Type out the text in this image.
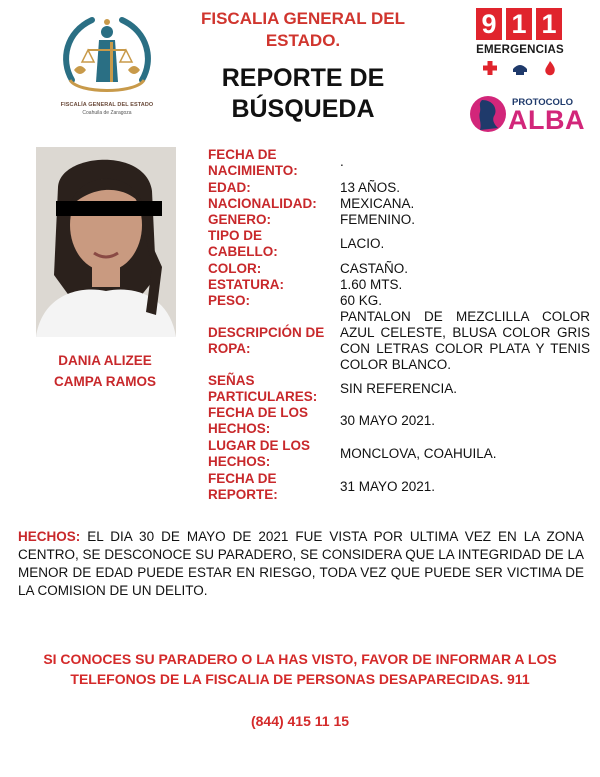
FISCALÍA GENERAL DEL ESTADO
Coahuila de Zaragoza
FISCALIA GENERAL DEL ESTADO.
REPORTE DE BÚSQUEDA
9 1 1
EMERGENCIAS
PROTOCOLO
ALBA
DANIA ALIZEE
CAMPA RAMOS
FECHA DE NACIMIENTO:
.
EDAD:	13 AÑOS.
NACIONALIDAD: MEXICANA.
GENERO:	FEMENINO.
TIPO DE CABELLO:
LACIO.
COLOR:	CASTAÑO.
ESTATURA:	1.60 MTS.
PESO:	60 KG.
DESCRIPCIÓN DE ROPA:
PANTALON DE MEZCLILLA COLOR AZUL CELESTE, BLUSA COLOR GRIS CON LETRAS COLOR PLATA Y TENIS COLOR BLANCO.
SEÑAS PARTICULARES:
SIN REFERENCIA.
FECHA DE LOS HECHOS:
30 MAYO 2021.
LUGAR DE LOS HECHOS:
MONCLOVA, COAHUILA.
FECHA DE REPORTE:
31 MAYO 2021.
HECHOS: EL DIA 30 DE MAYO DE 2021 FUE VISTA POR ULTIMA VEZ EN LA ZONA CENTRO, SE DESCONOCE SU PARADERO, SE CONSIDERA QUE LA INTEGRIDAD DE LA MENOR DE EDAD PUEDE ESTAR EN RIESGO, TODA VEZ QUE PUEDE SER VICTIMA DE LA COMISION DE UN DELITO.
SI CONOCES SU PARADERO O LA HAS VISTO, FAVOR DE INFORMAR A LOS TELEFONOS DE LA FISCALIA DE PERSONAS DESAPARECIDAS. 911
(844) 415 11 15
